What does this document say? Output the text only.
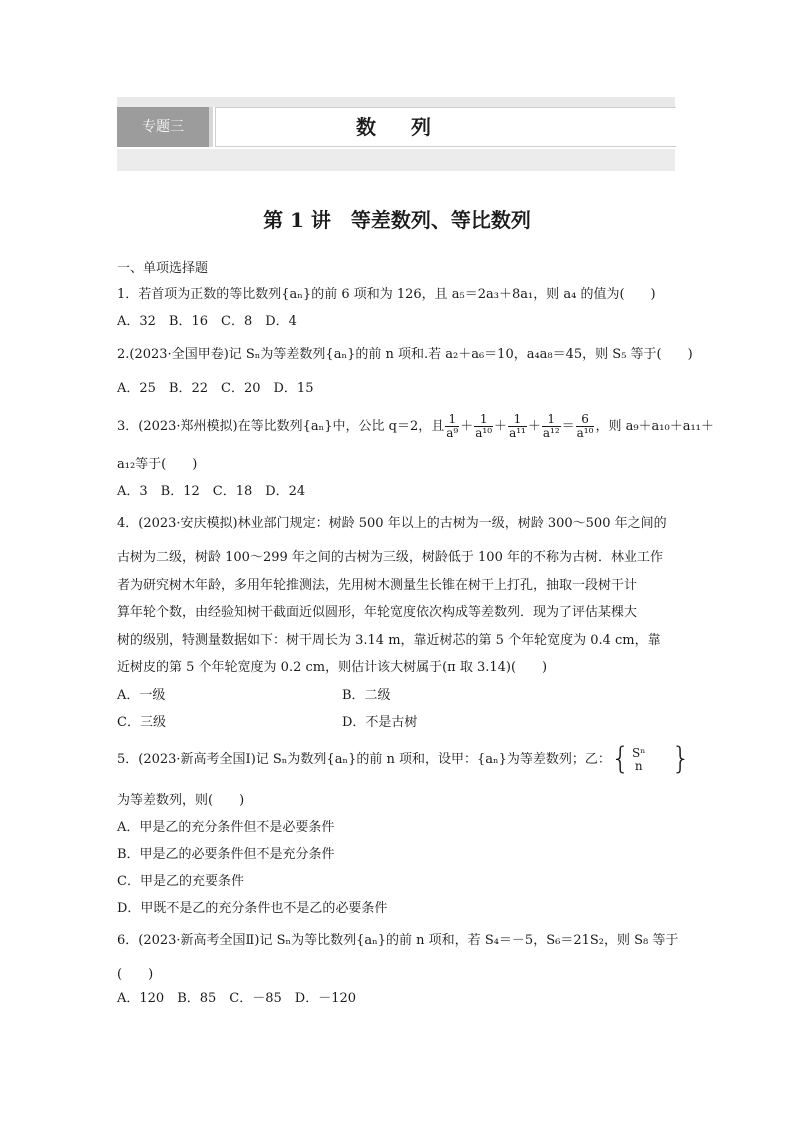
专题三	数 列
第 1 讲　等差数列、等比数列
一、单项选择题
1．若首项为正数的等比数列{aₙ}的前 6 项和为 126，且 a₅＝2a₃＋8a₁，则 a₄ 的值为(　　)
A．32　B．16　C．8　D．4
2.(2023·全国甲卷)记 Sₙ为等差数列{aₙ}的前 n 项和.若 a₂＋a₆＝10，a₄a₈＝45，则 S₅ 等于(　　)
A．25　B．22　C．20　D．15
3．(2023·郑州模拟)在等比数列{aₙ}中，公比 q＝2，且 $\frac{1}{\text{a⁹}} + \frac{1}{\text{a¹⁰}} + \frac{1}{\text{a¹¹}} + \frac{1}{\text{a¹²}} = \frac{6}{\text{a¹⁰}}$ ，则 a₉＋a₁₀＋a₁₁＋
a₁₂等于(　　)
A．3　B．12　C．18　D．24
4．(2023·安庆模拟)林业部门规定：树龄 500 年以上的古树为一级，树龄 300～500 年之间的
古树为二级，树龄 100～299 年之间的古树为三级，树龄低于 100 年的不称为古树．林业工作
者为研究树木年龄，多用年轮推测法，先用树木测量生长锥在树干上打孔，抽取一段树干计
算年轮个数，由经验知树干截面近似圆形，年轮宽度依次构成等差数列．现为了评估某棵大
树的级别，特测量数据如下：树干周长为 3.14 m，靠近树芯的第 5 个年轮宽度为 0.4 cm，靠
近树皮的第 5 个年轮宽度为 0.2 cm，则估计该大树属于(π 取 3.14)(　　)
A．一级	B．二级
C．三级	D．不是古树
5．(2023·新高考全国Ⅰ)记 Sₙ为数列{aₙ}的前 n 项和，设甲：{aₙ}为等差数列；乙：{ Sⁿ
n }
为等差数列，则(　　)
A．甲是乙的充分条件但不是必要条件
B．甲是乙的必要条件但不是充分条件
C．甲是乙的充要条件
D．甲既不是乙的充分条件也不是乙的必要条件
6．(2023·新高考全国Ⅱ)记 Sₙ为等比数列{aₙ}的前 n 项和，若 S₄＝－5，S₆＝21S₂，则 S₈ 等于
(　　)
A．120　B．85　C．－85　D．－120
